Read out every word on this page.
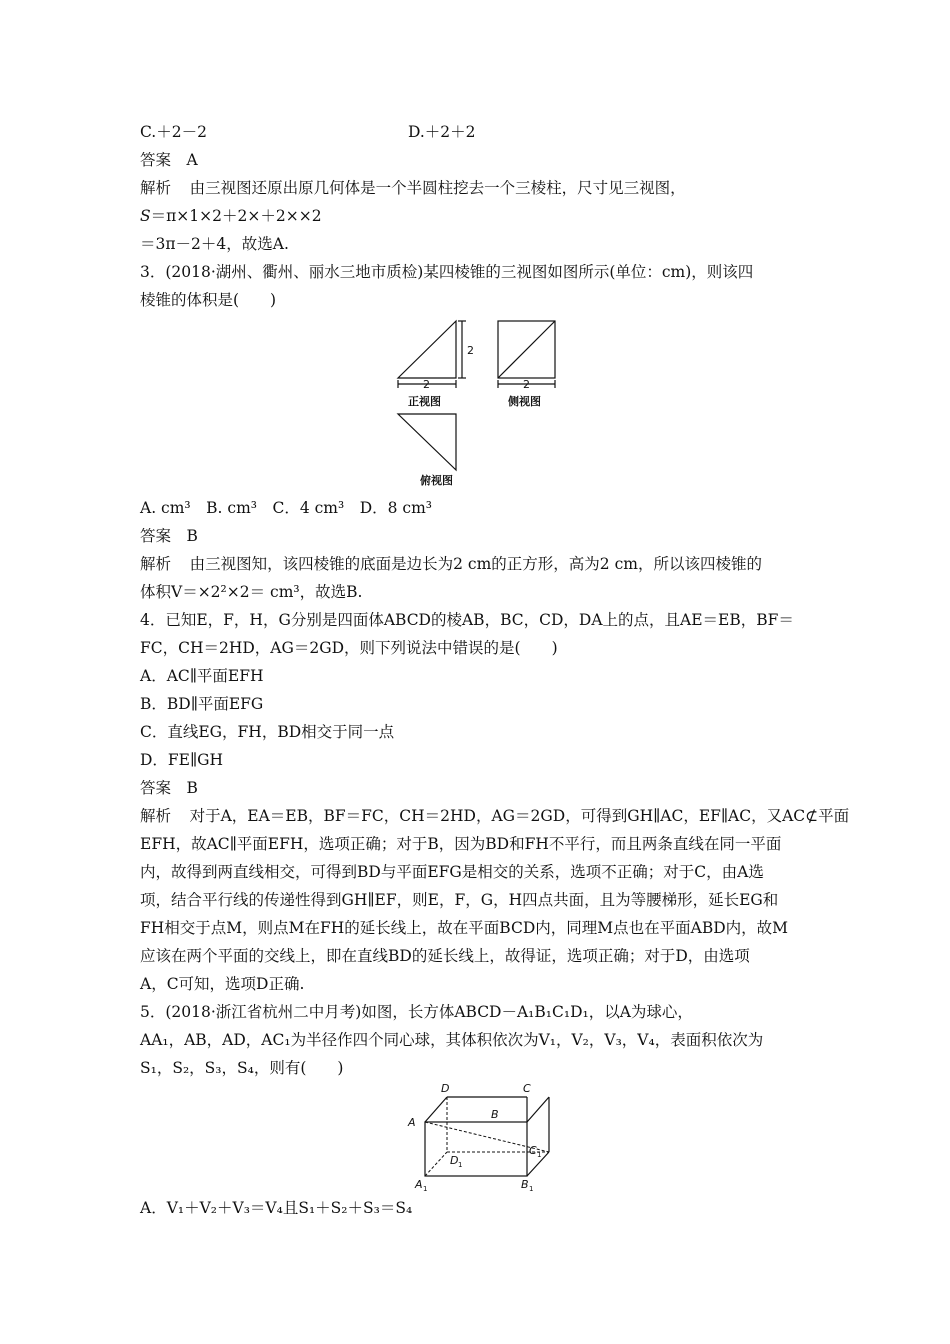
C.＋2－2	D.＋2＋2
答案　A
解析 由三视图还原出原几何体是一个半圆柱挖去一个三棱柱，尺寸见三视图，
S＝π×1×2＋2×＋2××2
＝3π－2＋4，故选A.
3．(2018·湖州、衢州、丽水三地市质检)某四棱锥的三视图如图所示(单位：cm)，则该四
棱锥的体积是(　　)
2
2	2
正视图	侧视图
俯视图
A. cm³　B. cm³　C．4 cm³　D．8 cm³
答案　B
解析 由三视图知，该四棱锥的底面是边长为2 cm的正方形，高为2 cm，所以该四棱锥的
体积V＝×2²×2＝ cm³，故选B.
4．已知E，F，H，G分别是四面体ABCD的棱AB，BC，CD，DA上的点，且AE＝EB，BF＝
FC，CH＝2HD，AG＝2GD，则下列说法中错误的是(　　)
A．AC∥平面EFH
B．BD∥平面EFG
C．直线EG，FH，BD相交于同一点
D．FE∥GH
答案　B
解析 对于A，EA＝EB，BF＝FC，CH＝2HD，AG＝2GD，可得到GH∥AC，EF∥AC，又AC⊄平面
EFH，故AC∥平面EFH，选项正确；对于B，因为BD和FH不平行，而且两条直线在同一平面
内，故得到两直线相交，可得到BD与平面EFG是相交的关系，选项不正确；对于C，由A选
项，结合平行线的传递性得到GH∥EF，则E，F，G，H四点共面，且为等腰梯形，延长EG和
FH相交于点M，则点M在FH的延长线上，故在平面BCD内，同理M点也在平面ABD内，故M
应该在两个平面的交线上，即在直线BD的延长线上，故得证，选项正确；对于D，由选项
A，C可知，选项D正确.
5．(2018·浙江省杭州二中月考)如图，长方体ABCD－A₁B₁C₁D₁，以A为球心，
AA₁，AB，AD，AC₁为半径作四个同心球，其体积依次为V₁，V₂，V₃，V₄，表面积依次为
S₁，S₂，S₃，S₄，则有(　　)
D	C
A
B
D
C
A	B
1
1
1	1
A．V₁＋V₂＋V₃＝V₄且S₁＋S₂＋S₃＝S₄
